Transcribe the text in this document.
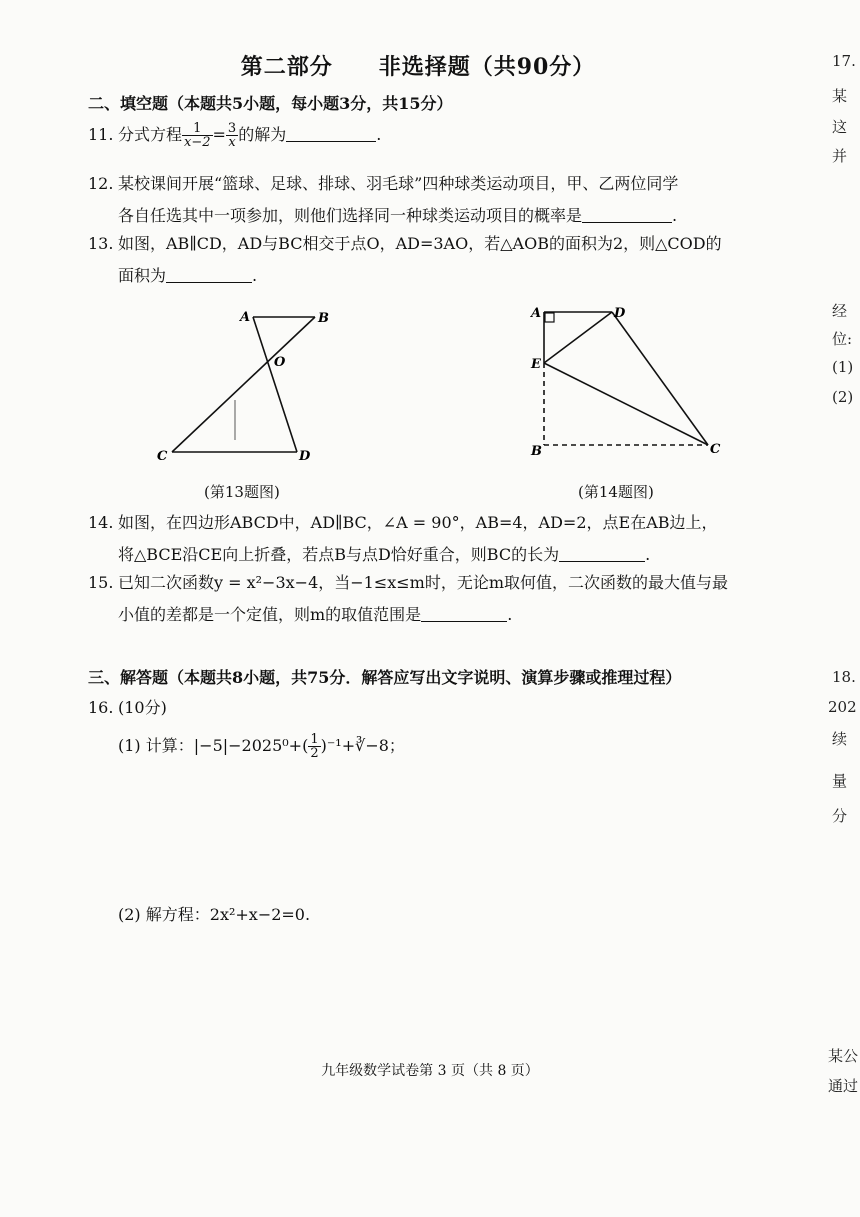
第二部分　　非选择题（共90分）
二、填空题（本题共5小题，每小题3分，共15分）
11. 分式方程 $\frac{1}{x-2} = \frac{3}{x}$ 的解为	.
12. 某校课间开展“篮球、足球、排球、羽毛球”四种球类运动项目，甲、乙两位同学
各自任选其中一项参加，则他们选择同一种球类运动项目的概率是	.
13. 如图，AB∥CD，AD与BC相交于点O，AD=3AO，若△AOB的面积为2，则△COD的
面积为	.
A	B
O
C	D
(第13题图)
A	D
E
B	C
(第14题图)
14. 如图，在四边形ABCD中，AD∥BC，∠A = 90°，AB=4，AD=2，点E在AB边上，
将△BCE沿CE向上折叠，若点B与点D恰好重合，则BC的长为	.
15. 已知二次函数y = x²−3x−4，当−1≤x≤m时，无论m取何值，二次函数的最大值与最
小值的差都是一个定值，则m的取值范围是	.
三、解答题（本题共8小题，共75分．解答应写出文字说明、演算步骤或推理过程）
16. (10分)
(1) 计算：$|-5|-2025^0+( \frac{1}{2}$ )⁻¹+∛−8；
(2) 解方程：2x²+x−2=0.
九年级数学试卷第 3 页（共 8 页）
17.
某
这
并
经
位:
(1)
(2)
18.
202
续
量
分
某公
通过
